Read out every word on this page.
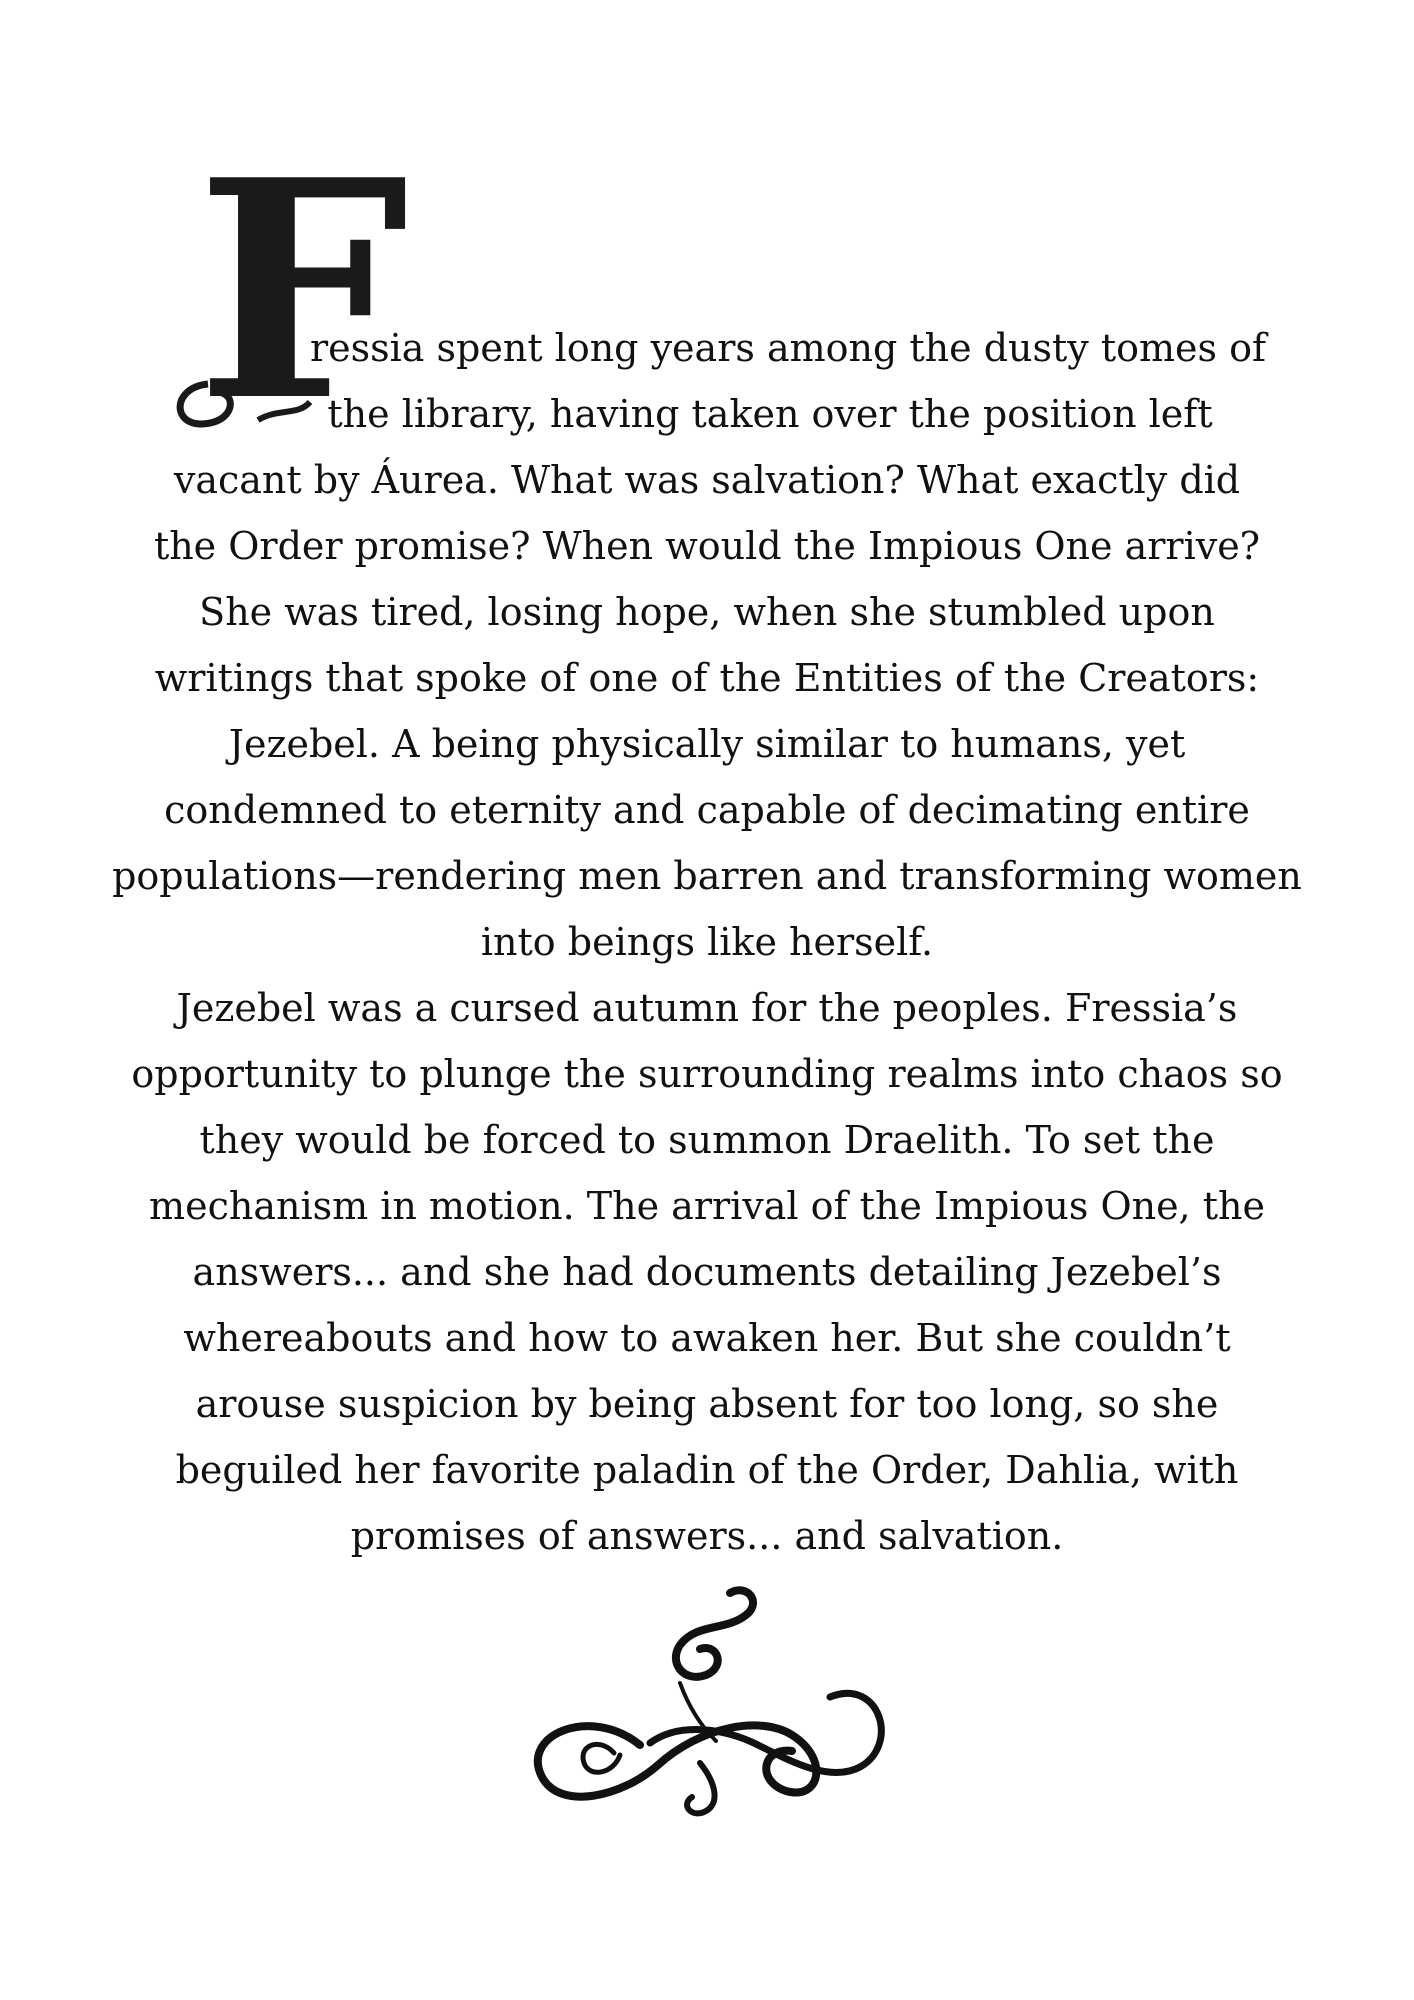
F
ressia spent long years among the dusty tomes of
the library, having taken over the position left
vacant by Áurea. What was salvation? What exactly did
the Order promise? When would the Impious One arrive?
She was tired, losing hope, when she stumbled upon
writings that spoke of one of the Entities of the Creators:
Jezebel. A being physically similar to humans, yet
condemned to eternity and capable of decimating entire
populations—rendering men barren and transforming women
into beings like herself.
Jezebel was a cursed autumn for the peoples. Fressia’s
opportunity to plunge the surrounding realms into chaos so
they would be forced to summon Draelith. To set the
mechanism in motion. The arrival of the Impious One, the
answers... and she had documents detailing Jezebel’s
whereabouts and how to awaken her. But she couldn’t
arouse suspicion by being absent for too long, so she
beguiled her favorite paladin of the Order, Dahlia, with
promises of answers... and salvation.
